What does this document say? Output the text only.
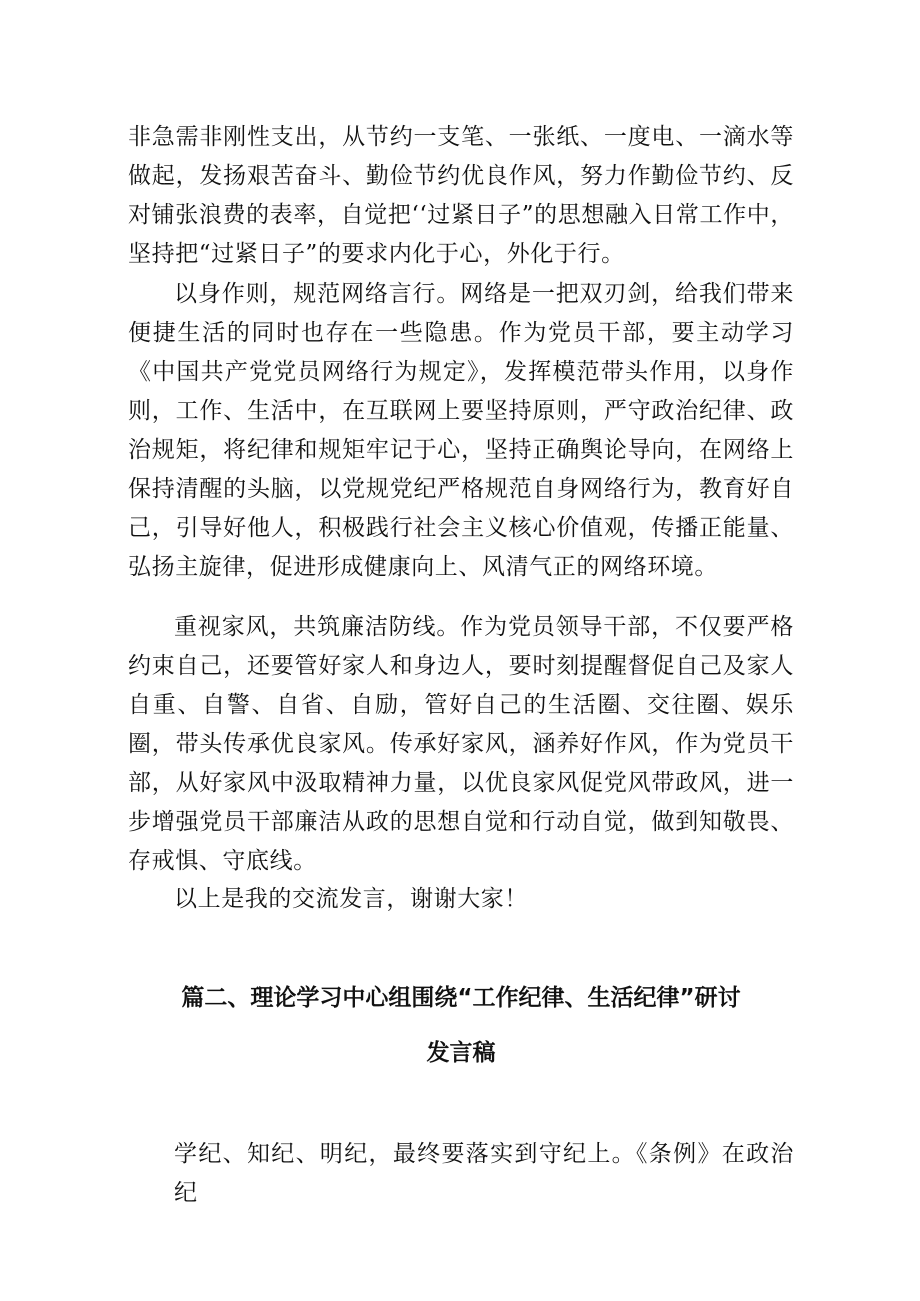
非急需非刚性支出，从节约一支笔、一张纸、一度电、一滴水等做起，发扬艰苦奋斗、勤俭节约优良作风，努力作勤俭节约、反对铺张浪费的表率，自觉把‘‘过紧日子”的思想融入日常工作中，坚持把“过紧日子”的要求内化于心，外化于行。

以身作则，规范网络言行。网络是一把双刃剑，给我们带来便捷生活的同时也存在一些隐患。作为党员干部，要主动学习《中国共产党党员网络行为规定》，发挥模范带头作用，以身作则，工作、生活中，在互联网上要坚持原则，严守政治纪律、政治规矩，将纪律和规矩牢记于心，坚持正确舆论导向，在网络上保持清醒的头脑，以党规党纪严格规范自身网络行为，教育好自己，引导好他人，积极践行社会主义核心价值观，传播正能量、弘扬主旋律，促进形成健康向上、风清气正的网络环境。

重视家风，共筑廉洁防线。作为党员领导干部，不仅要严格约束自己，还要管好家人和身边人，要时刻提醒督促自己及家人自重、自警、自省、自励，管好自己的生活圈、交往圈、娱乐圈，带头传承优良家风。传承好家风，涵养好作风，作为党员干部，从好家风中汲取精神力量，以优良家风促党风带政风，进一步增强党员干部廉洁从政的思想自觉和行动自觉，做到知敬畏、存戒惧、守底线。

以上是我的交流发言，谢谢大家！

篇二、理论学习中心组围绕“工作纪律、生活纪律”研讨
发言稿

学纪、知纪、明纪，最终要落实到守纪上。《条例》在政治纪
